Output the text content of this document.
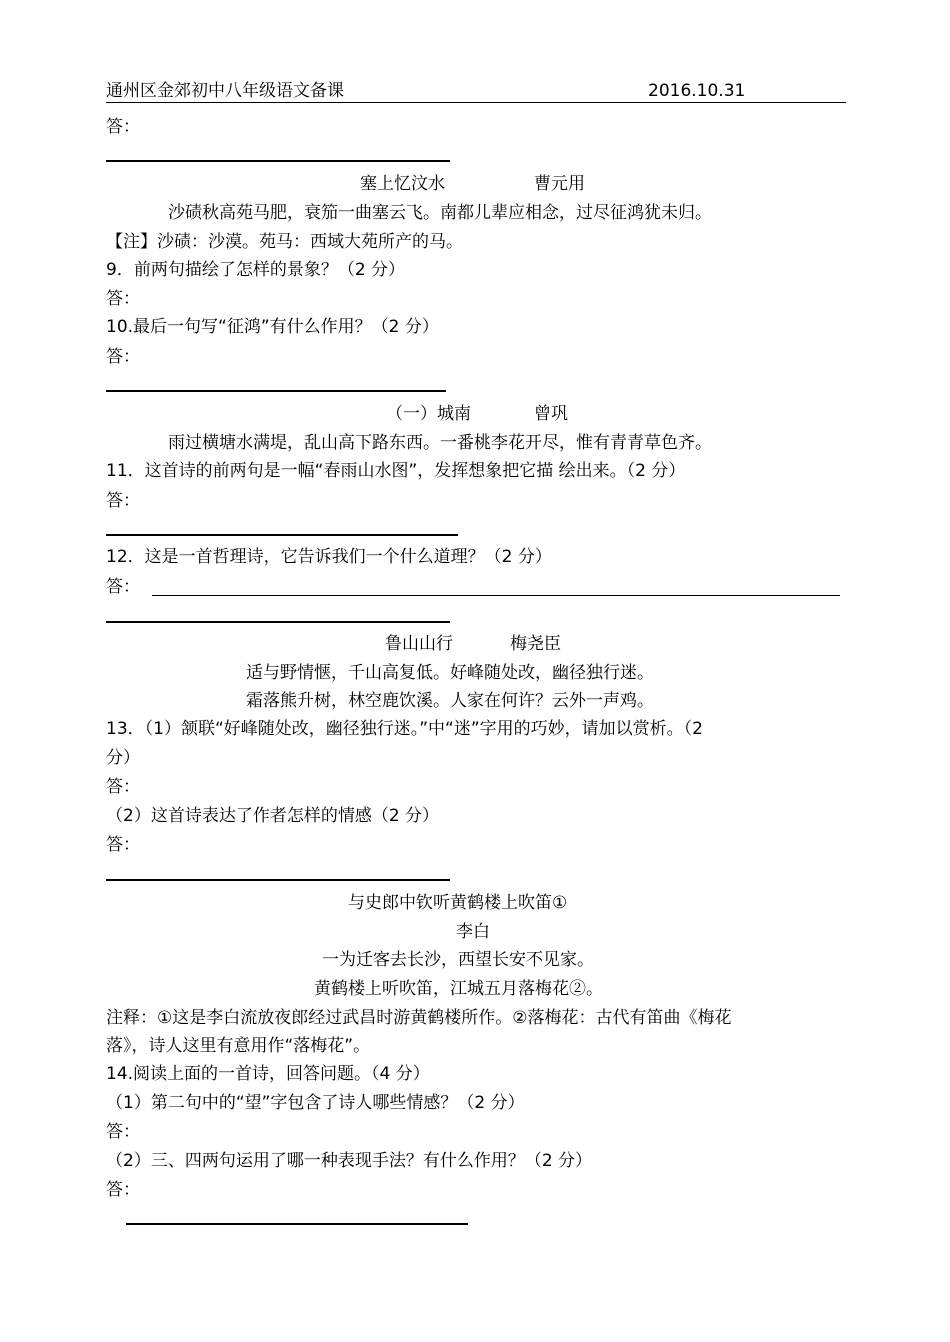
通州区金郊初中八年级语文备课	2016.10.31
答：
塞上忆汶水	曹元用
沙碛秋高苑马肥，衰笳一曲塞云飞。南都儿辈应相念，过尽征鸿犹未归。
【注】沙碛：沙漠。苑马：西域大苑所产的马。
9．前两句描绘了怎样的景象？（2 分）
答：
10.最后一句写“征鸿”有什么作用？（2 分）
答：
（一）城南	曾巩
雨过横塘水满堤，乱山高下路东西。一番桃李花开尽，惟有青青草色齐。
11．这首诗的前两句是一幅“春雨山水图”，发挥想象把它描 绘出来。（2 分）
答：
12．这是一首哲理诗，它告诉我们一个什么道理？（2 分）
答：
鲁山山行	梅尧臣
适与野情惬，千山高复低。好峰随处改，幽径独行迷。
霜落熊升树，林空鹿饮溪。人家在何许？云外一声鸡。
13．（1）颔联“好峰随处改，幽径独行迷。”中“迷”字用的巧妙，请加以赏析。（2
分）
答：
（2）这首诗表达了作者怎样的情感（2 分）
答：
与史郎中钦听黄鹤楼上吹笛①
李白
一为迁客去长沙，西望长安不见家。
黄鹤楼上听吹笛，江城五月落梅花②。
注释：①这是李白流放夜郎经过武昌时游黄鹤楼所作。②落梅花：古代有笛曲《梅花
落》，诗人这里有意用作“落梅花”。
14.阅读上面的一首诗，回答问题。（4 分）
（1）第二句中的“望”字包含了诗人哪些情感？（2 分）
答：
（2）三、四两句运用了哪一种表现手法？有什么作用？（2 分）
答：
